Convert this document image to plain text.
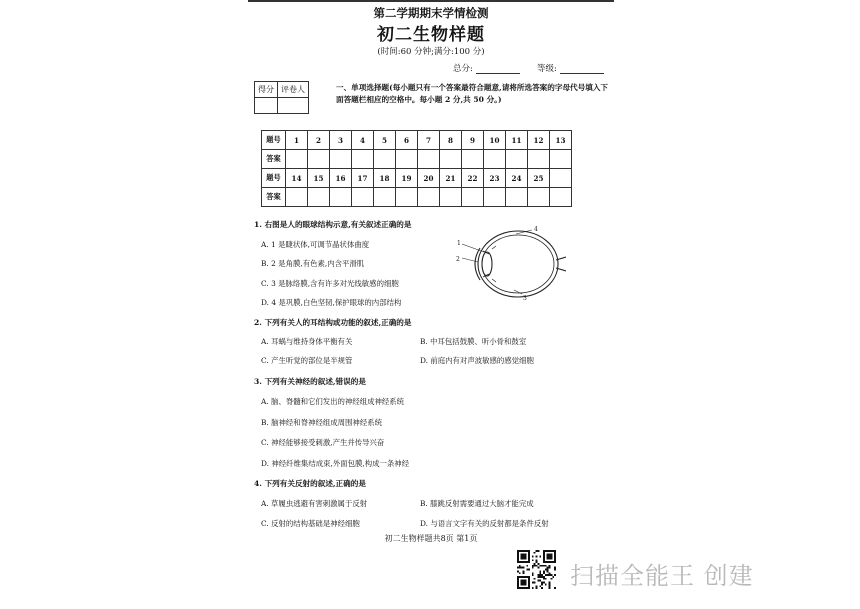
第二学期期末学情检测
初二生物样题
(时间:60 分钟;满分:100 分)
总分:	等级:
得分	评卷人
		一、单项选择题(每小题只有一个答案最符合题意,请将所选答案的字母代号填入下面答题栏相应的空格中。每小题 2 分,共 50 分。)
题号	1	2	3	4	5	6	7	8	9	10	11	12	13
答案													
题号	14	15	16	17	18	19	20	21	22	23	24	25	
答案													
1. 右图是人的眼球结构示意,有关叙述正确的是
A. 1 是睫状体,可调节晶状体曲度
B. 2 是角膜,有色素,内含平滑肌
C. 3 是脉络膜,含有许多对光线敏感的细胞
D. 4 是巩膜,白色坚韧,保护眼球的内部结构
1
2
3
4
2. 下列有关人的耳结构或功能的叙述,正确的是
A. 耳蜗与维持身体平衡有关	B. 中耳包括鼓膜、听小骨和鼓室
C. 产生听觉的部位是半规管	D. 前庭内有对声波敏感的感觉细胞
3. 下列有关神经的叙述,错误的是
A. 脑、脊髓和它们发出的神经组成神经系统
B. 脑神经和脊神经组成周围神经系统
C. 神经能够接受刺激,产生并传导兴奋
D. 神经纤维集结成束,外面包膜,构成一条神经
4. 下列有关反射的叙述,正确的是
A. 草履虫逃避有害刺激属于反射	B. 膝跳反射需要通过大脑才能完成
C. 反射的结构基础是神经细胞	D. 与语言文字有关的反射都是条件反射
初二生物样题共8页 第1页
扫描全能王 创建
